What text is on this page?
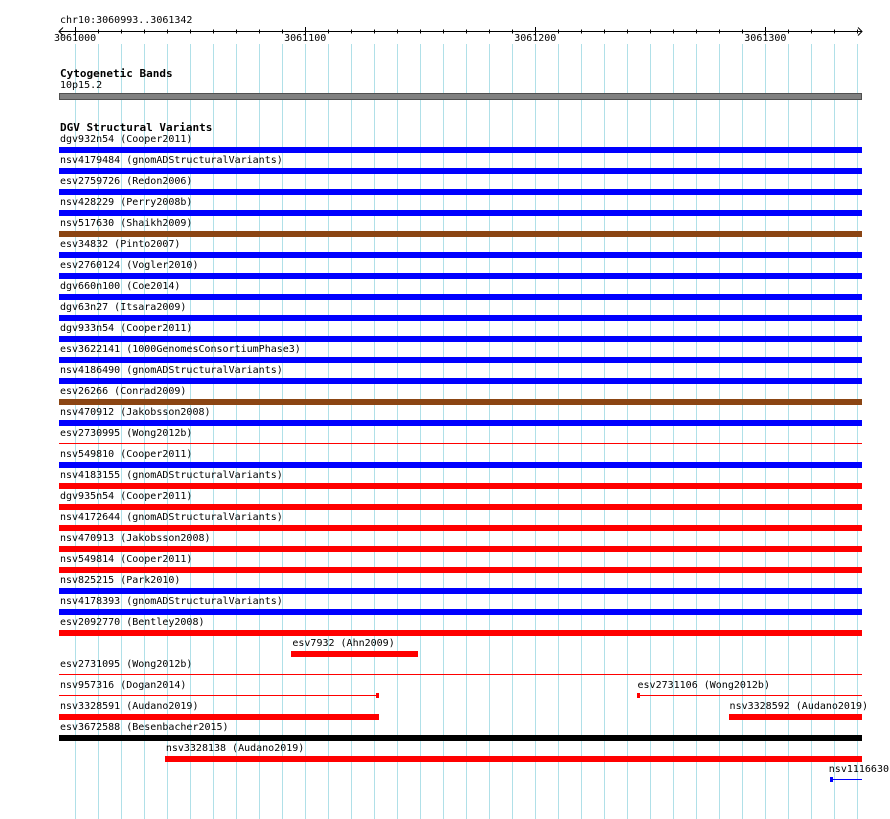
chr10:3060993..3061342
Cytogenetic Bands
10p15.2
DGV Structural Variants
dgv932n54 (Cooper2011)
nsv4179484 (gnomADStructuralVariants)
esv2759726 (Redon2006)
nsv428229 (Perry2008b)
nsv517630 (Shaikh2009)
esv34832 (Pinto2007)
esv2760124 (Vogler2010)
dgv660n100 (Coe2014)
dgv63n27 (Itsara2009)
dgv933n54 (Cooper2011)
esv3622141 (1000GenomesConsortiumPhase3)
nsv4186490 (gnomADStructuralVariants)
esv26266 (Conrad2009)
nsv470912 (Jakobsson2008)
esv2730995 (Wong2012b)
nsv549810 (Cooper2011)
nsv4183155 (gnomADStructuralVariants)
dgv935n54 (Cooper2011)
nsv4172644 (gnomADStructuralVariants)
nsv470913 (Jakobsson2008)
nsv549814 (Cooper2011)
nsv825215 (Park2010)
nsv4178393 (gnomADStructuralVariants)
esv2092770 (Bentley2008)
esv7932 (Ahn2009)
esv2731095 (Wong2012b)
nsv957316 (Dogan2014)	esv2731106 (Wong2012b)
nsv3328591 (Audano2019)	nsv3328592 (Audano2019)
esv3672588 (Besenbacher2015)
nsv3328138 (Audano2019)
nsv1116630
3061000	3061100	3061200	3061300
